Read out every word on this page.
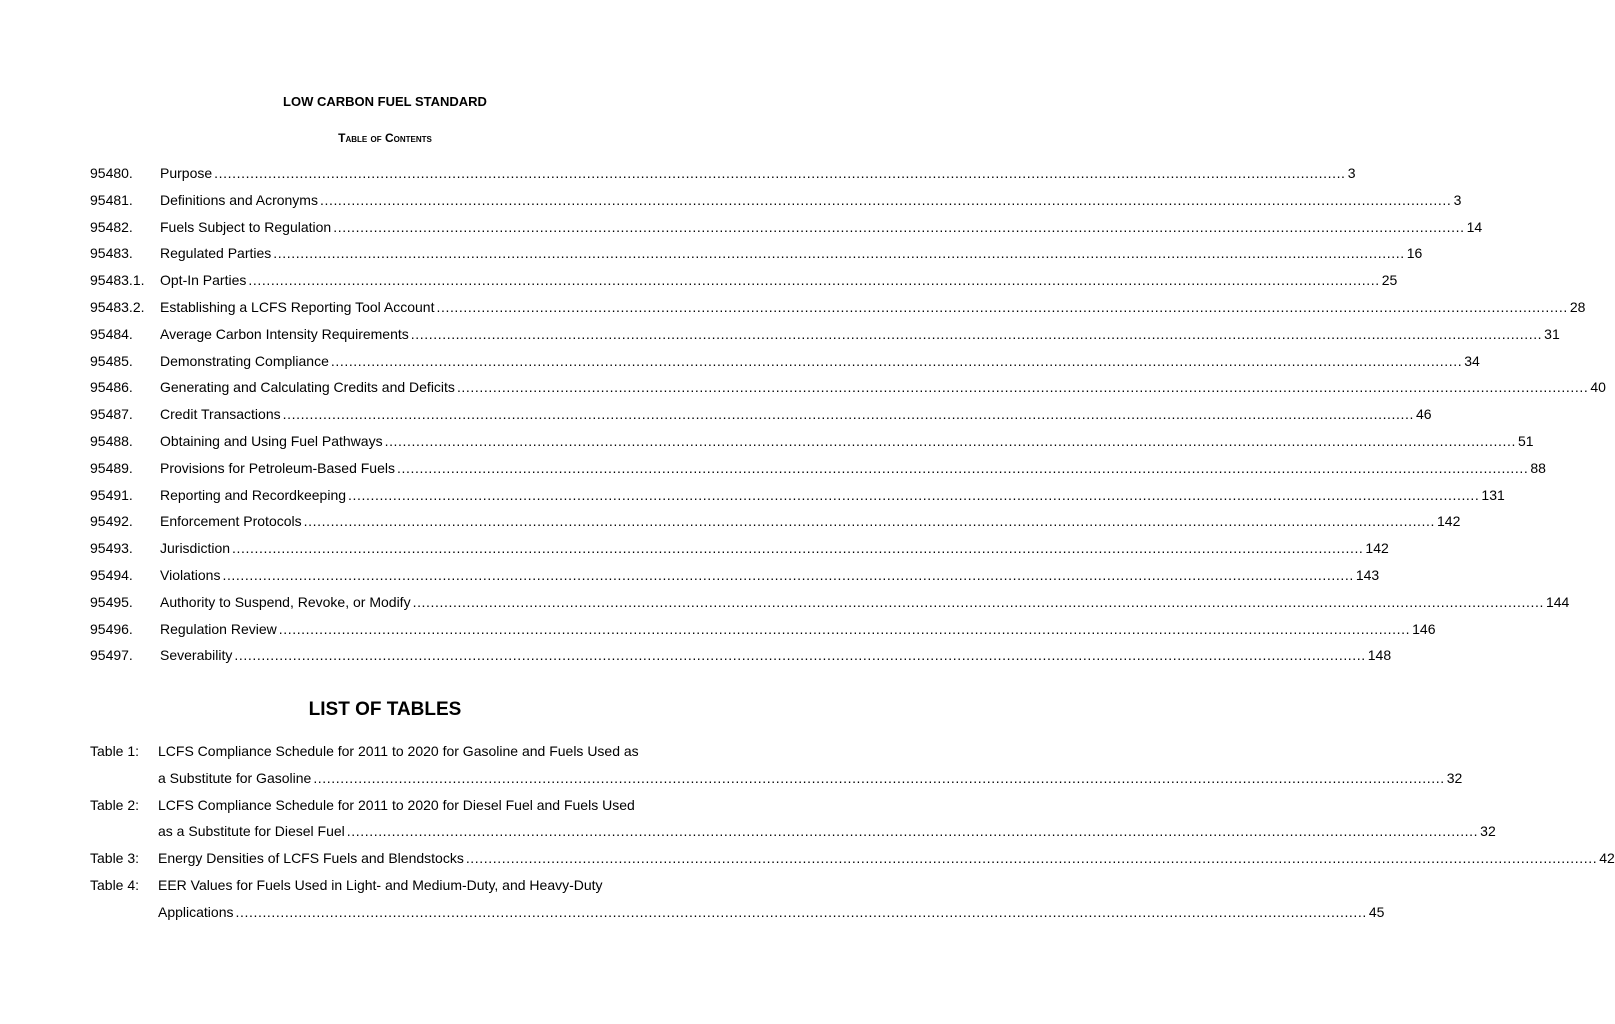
LOW CARBON FUEL STANDARD
Table of Contents
95480.	Purpose .....	3
95481.	Definitions and Acronyms .....	3
95482.	Fuels Subject to Regulation .....	14
95483.	Regulated Parties .....	16
95483.1.	Opt-In Parties .....	25
95483.2.	Establishing a LCFS Reporting Tool Account .....	28
95484.	Average Carbon Intensity Requirements .....	31
95485.	Demonstrating Compliance .....	34
95486.	Generating and Calculating Credits and Deficits .....	40
95487.	Credit Transactions .....	46
95488.	Obtaining and Using Fuel Pathways .....	51
95489.	Provisions for Petroleum-Based Fuels .....	88
95491.	Reporting and Recordkeeping .....	131
95492.	Enforcement Protocols .....	142
95493.	Jurisdiction .....	142
95494.	Violations .....	143
95495.	Authority to Suspend, Revoke, or Modify .....	144
95496.	Regulation Review .....	146
95497.	Severability .....	148
LIST OF TABLES
Table 1:	LCFS Compliance Schedule for 2011 to 2020 for Gasoline and Fuels Used as
a Substitute for Gasoline .....	32
Table 2:	LCFS Compliance Schedule for 2011 to 2020 for Diesel Fuel and Fuels Used
as a Substitute for Diesel Fuel .....	32
Table 3:	Energy Densities of LCFS Fuels and Blendstocks .....	42
Table 4:	EER Values for Fuels Used in Light- and Medium-Duty, and Heavy-Duty
Applications .....	45
